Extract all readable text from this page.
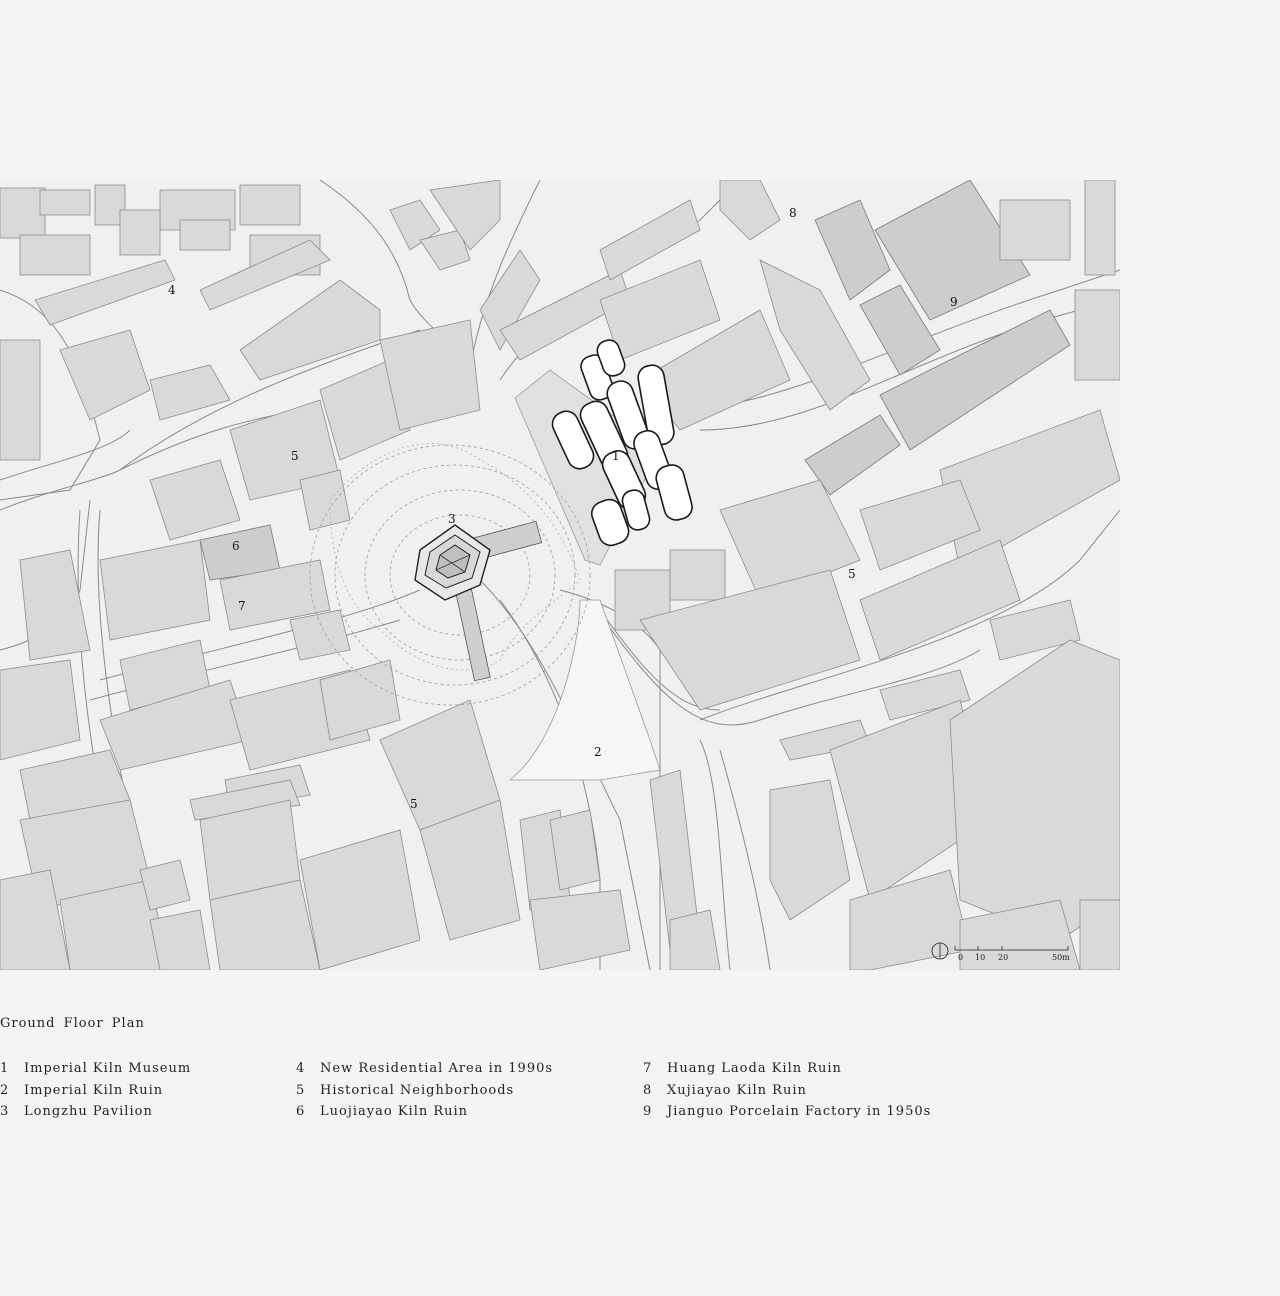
0 10 20	50m
1
2
3
4
5
5
5
6
7
8
9
Ground Floor Plan
1	Imperial Kiln Museum
2	Imperial Kiln Ruin
3	Longzhu Pavilion
4	New Residential Area in 1990s
5	Historical Neighborhoods
6	Luojiayao Kiln Ruin
7	Huang Laoda Kiln Ruin
8	Xujiayao Kiln Ruin
9	Jianguo Porcelain Factory in 1950s
